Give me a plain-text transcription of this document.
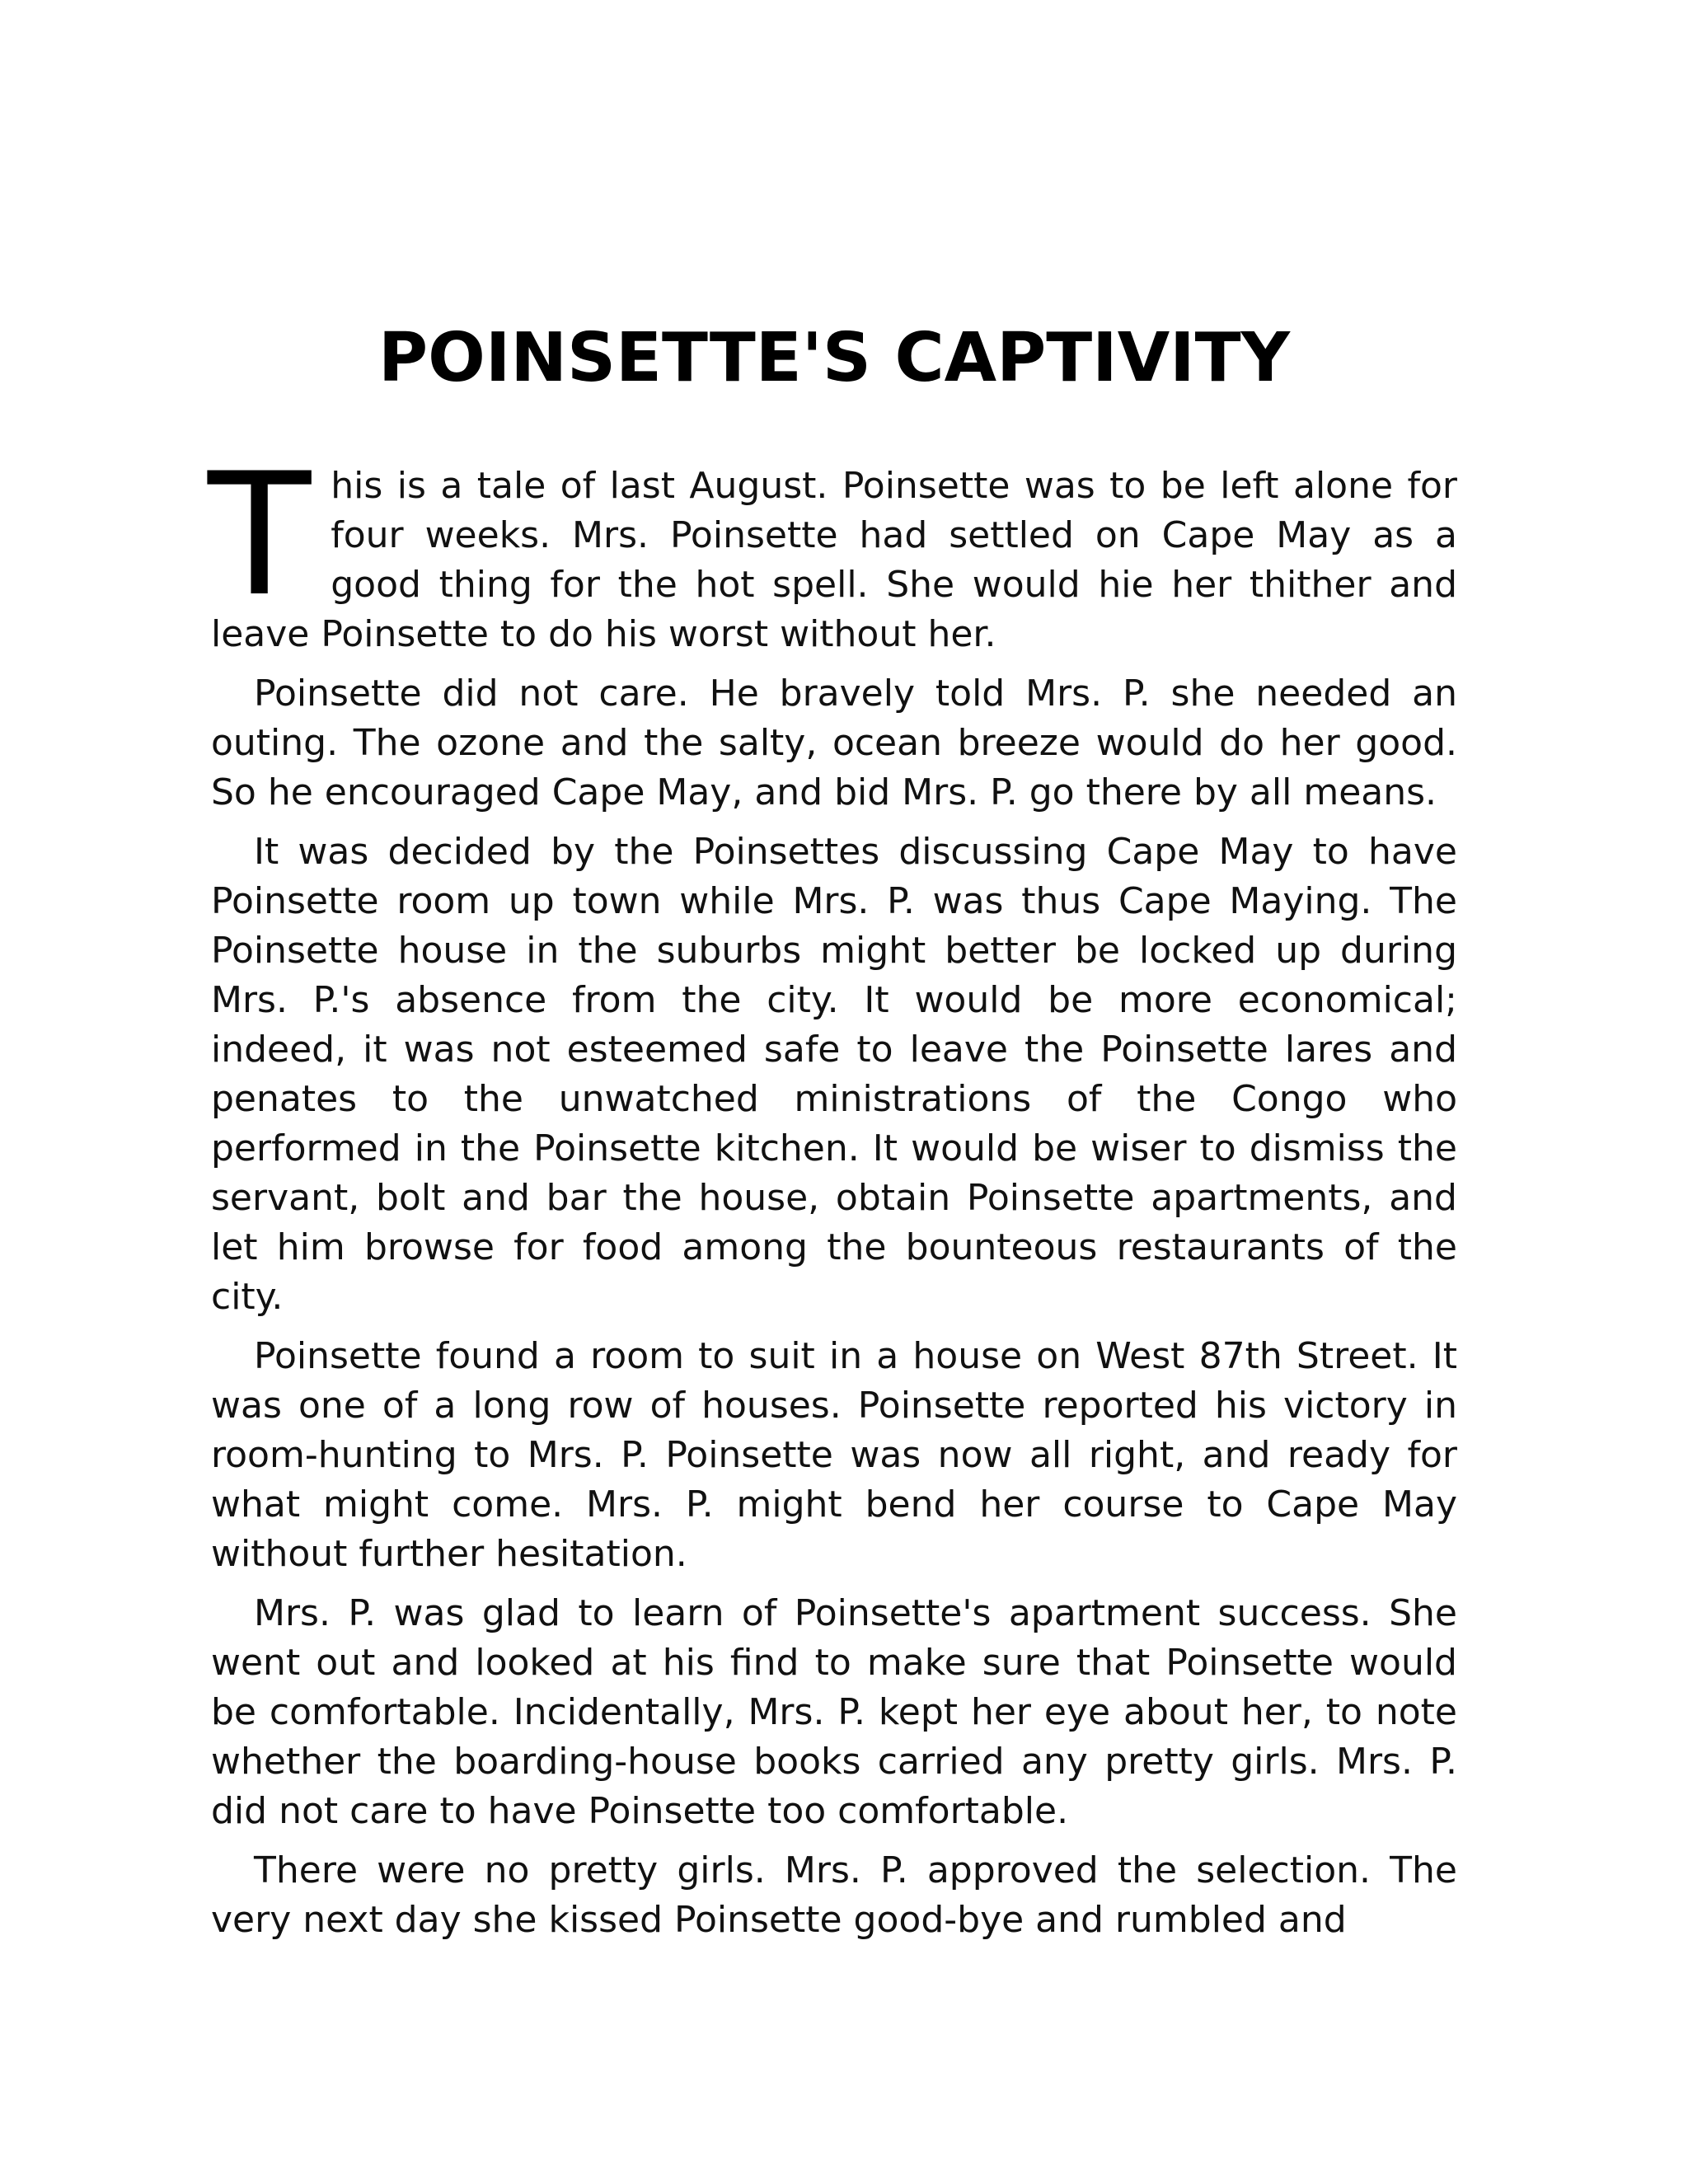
POINSETTE'S CAPTIVITY

This is a tale of last August. Poinsette was to be left alone for four weeks. Mrs. Poinsette had settled on Cape May as a good thing for the hot spell. She would hie her thither and leave Poinsette to do his worst without her.

Poinsette did not care. He bravely told Mrs. P. she needed an outing. The ozone and the salty, ocean breeze would do her good. So he encouraged Cape May, and bid Mrs. P. go there by all means.

It was decided by the Poinsettes discussing Cape May to have Poinsette room up town while Mrs. P. was thus Cape Maying. The Poinsette house in the suburbs might better be locked up during Mrs. P.'s absence from the city. It would be more economical; indeed, it was not esteemed safe to leave the Poinsette lares and penates to the unwatched ministrations of the Congo who performed in the Poinsette kitchen. It would be wiser to dismiss the servant, bolt and bar the house, obtain Poinsette apartments, and let him browse for food among the bounteous restaurants of the city.

Poinsette found a room to suit in a house on West 87th Street. It was one of a long row of houses. Poinsette reported his victory in room-hunting to Mrs. P. Poinsette was now all right, and ready for what might come. Mrs. P. might bend her course to Cape May without further hesitation.

Mrs. P. was glad to learn of Poinsette's apartment success. She went out and looked at his find to make sure that Poinsette would be comfortable. Incidentally, Mrs. P. kept her eye about her, to note whether the boarding-house books carried any pretty girls. Mrs. P. did not care to have Poinsette too comfortable.

There were no pretty girls. Mrs. P. approved the selection. The very next day she kissed Poinsette good-bye and rumbled and
